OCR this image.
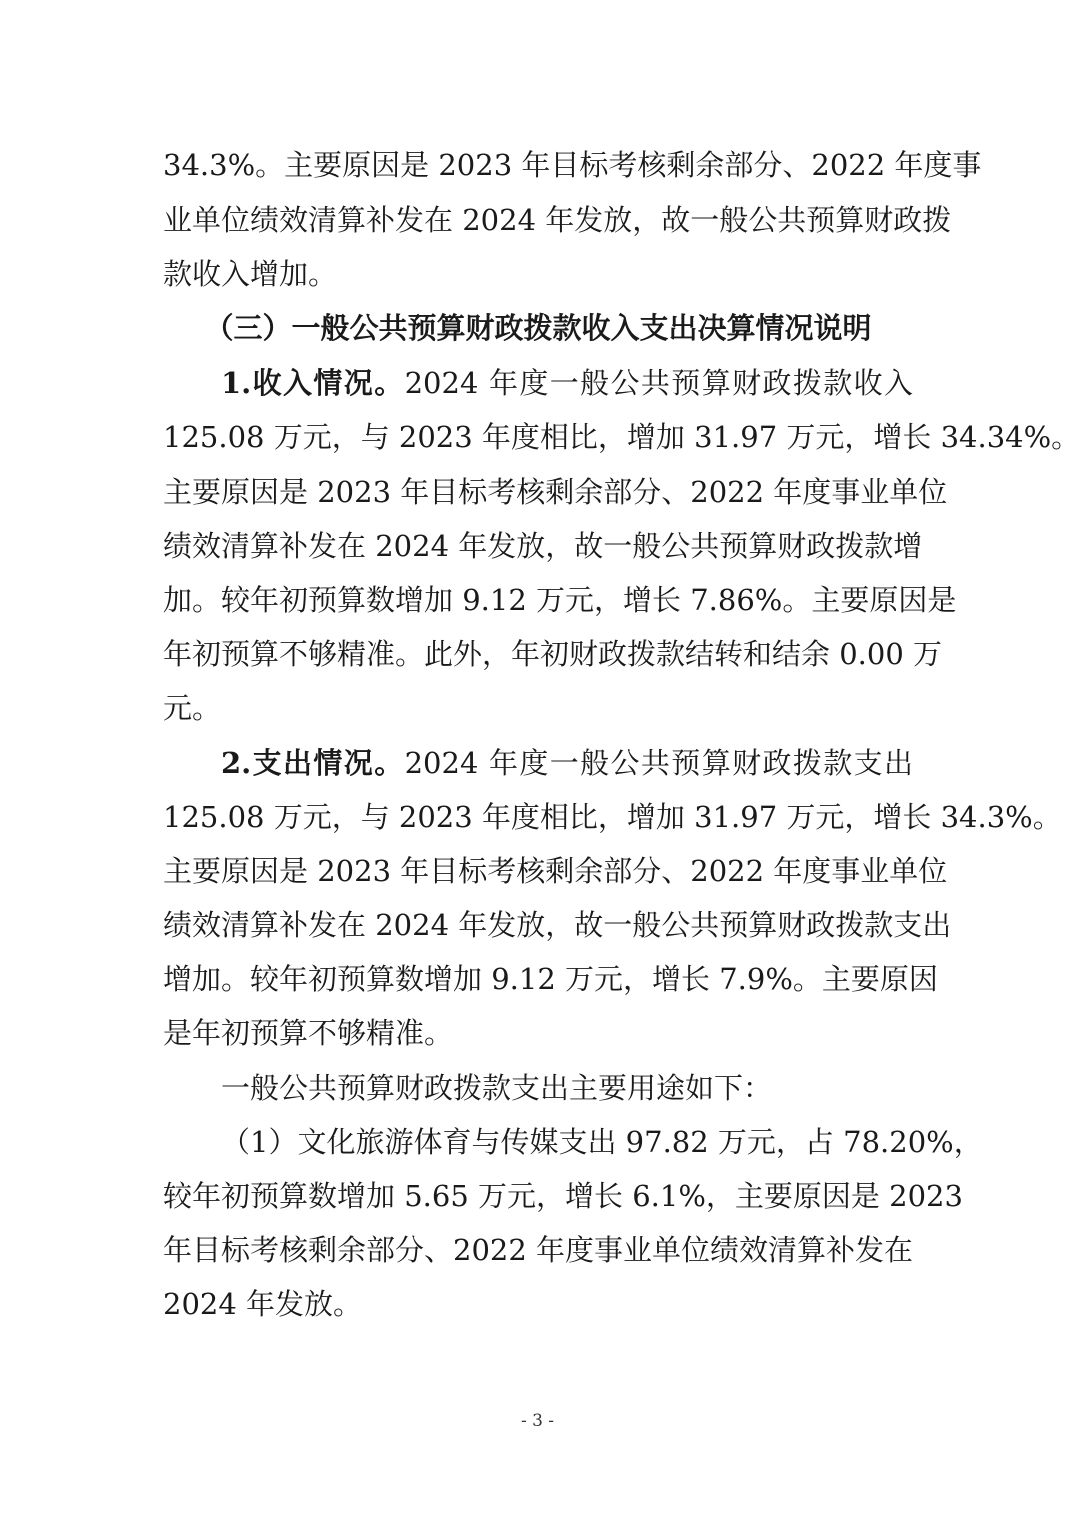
34.3%。主要原因是 2023 年目标考核剩余部分、2022 年度事
业单位绩效清算补发在 2024 年发放，故一般公共预算财政拨
款收入增加。
（三）一般公共预算财政拨款收入支出决算情况说明
1.收入情况。2024 年度一般公共预算财政拨款收入
125.08 万元，与 2023 年度相比，增加 31.97 万元，增长 34.34%。
主要原因是 2023 年目标考核剩余部分、2022 年度事业单位
绩效清算补发在 2024 年发放，故一般公共预算财政拨款增
加。较年初预算数增加 9.12 万元，增长 7.86%。主要原因是
年初预算不够精准。此外，年初财政拨款结转和结余 0.00 万
元。
2.支出情况。2024 年度一般公共预算财政拨款支出
125.08 万元，与 2023 年度相比，增加 31.97 万元，增长 34.3%。
主要原因是 2023 年目标考核剩余部分、2022 年度事业单位
绩效清算补发在 2024 年发放，故一般公共预算财政拨款支出
增加。较年初预算数增加 9.12 万元，增长 7.9%。主要原因
是年初预算不够精准。
一般公共预算财政拨款支出主要用途如下：
（1）文化旅游体育与传媒支出 97.82 万元，占 78.20%，
较年初预算数增加 5.65 万元，增长 6.1%，主要原因是 2023
年目标考核剩余部分、2022 年度事业单位绩效清算补发在
2024 年发放。
- 3 -
